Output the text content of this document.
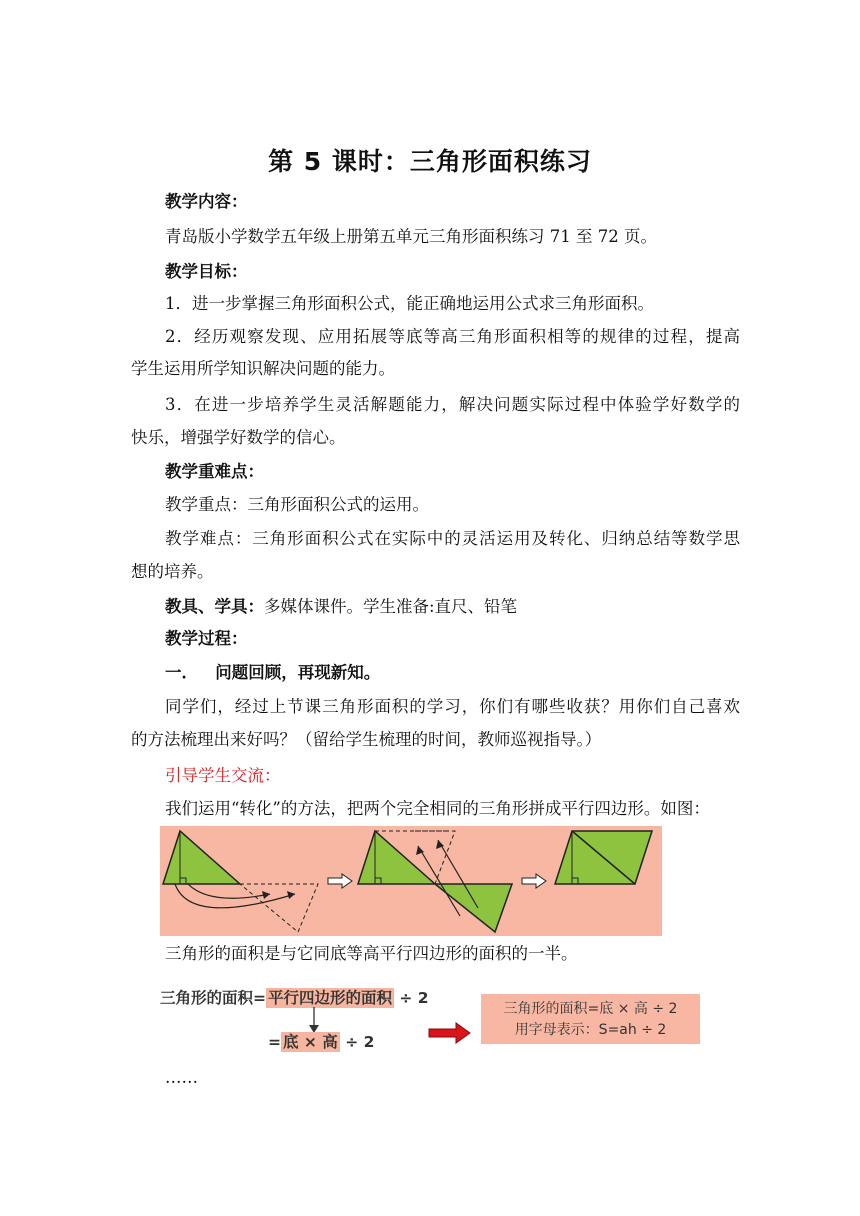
第 5 课时：三角形面积练习
教学内容：
青岛版小学数学五年级上册第五单元三角形面积练习 71 至 72 页。
教学目标：
1．进一步掌握三角形面积公式，能正确地运用公式求三角形面积。
2．经历观察发现、应用拓展等底等高三角形面积相等的规律的过程，提高
学生运用所学知识解决问题的能力。
3．在进一步培养学生灵活解题能力，解决问题实际过程中体验学好数学的
快乐，增强学好数学的信心。
教学重难点：
教学重点：三角形面积公式的运用。
教学难点：三角形面积公式在实际中的灵活运用及转化、归纳总结等数学思
想的培养。
教具、学具：多媒体课件。学生准备:直尺、铅笔
教学过程：
一．   问题回顾，再现新知。
同学们，经过上节课三角形面积的学习，你们有哪些收获？用你们自己喜欢
的方法梳理出来好吗？（留给学生梳理的时间，教师巡视指导。）
引导学生交流：
我们运用“转化”的方法，把两个完全相同的三角形拼成平行四边形。如图：
三角形的面积是与它同底等高平行四边形的面积的一半。
三角形的面积= 平行四边形的面积 ÷ 2
= 底 × 高 ÷ 2
三角形的面积=底 × 高 ÷ 2
用字母表示：S=ah ÷ 2
……
